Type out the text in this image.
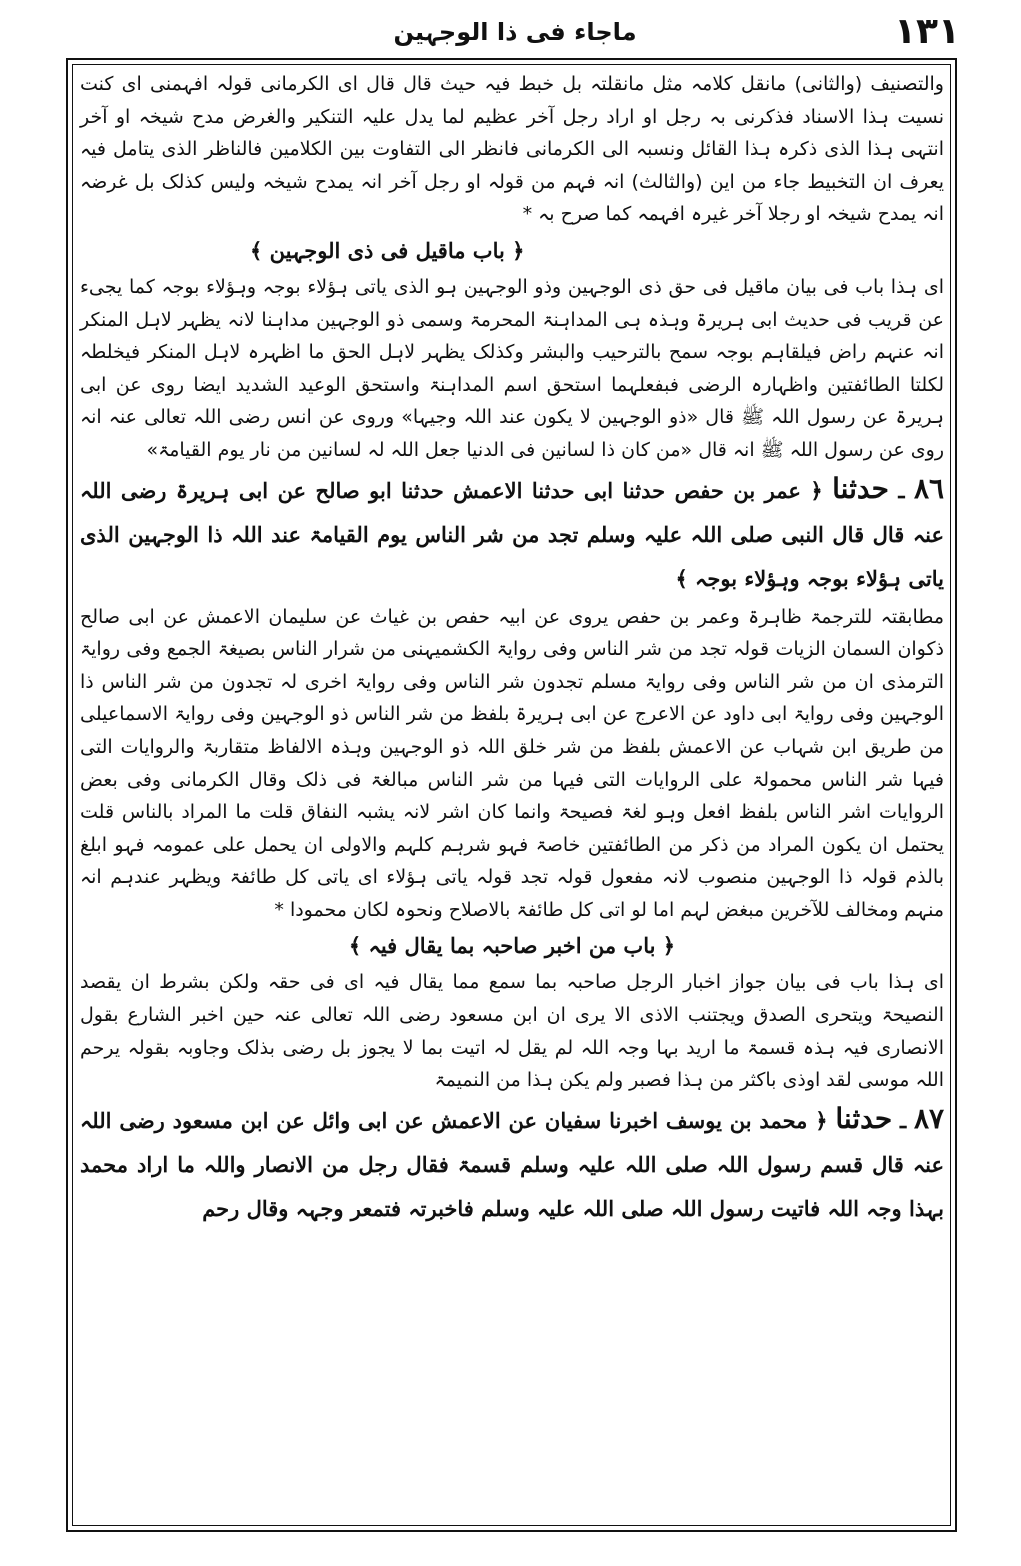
١٣١
ماجاء فی ذا الوجہین

والتصنیف (والثانی) مانقل کلامہ مثل مانقلتہ بل خبط فیہ حیث قال قال ای الکرمانی قولہ افہمنی ای کنت نسیت ہذا الاسناد فذکرنی بہ رجل او اراد رجل آخر عظیم لما یدل علیہ التنکیر والغرض مدح شیخہ او آخر انتہی ہذا الذی ذکرہ ہذا القائل ونسبہ الی الکرمانی فانظر الی التفاوت بین الکلامین فالناظر الذی یتامل فیہ یعرف ان التخبیط جاء من این (والثالث) انہ فہم من قولہ او رجل آخر انہ یمدح شیخہ ولیس کذلک بل غرضہ انہ یمدح شیخہ او رجلا آخر غیرہ افہمہ کما صرح بہ *

﴿ باب ماقیل فی ذی الوجہین ﴾

ای ہذا باب فی بیان ماقیل فی حق ذی الوجہین وذو الوجہین ہو الذی یاتی ہؤلاء بوجہ وہؤلاء بوجہ کما یجیء عن قریب فی حدیث ابی ہریرۃ وہذہ ہی المداہنۃ المحرمۃ وسمی ذو الوجہین مداہنا لانہ یظہر لاہل المنکر انہ عنہم راض فیلقاہم بوجہ سمح بالترحیب والبشر وکذلک یظہر لاہل الحق ما اظہرہ لاہل المنکر فیخلطہ لکلتا الطائفتین واظہارہ الرضی فبفعلہما استحق اسم المداہنۃ واستحق الوعید الشدید ایضا روی عن ابی ہریرۃ عن رسول اللہ ﷺ قال «ذو الوجہین لا یکون عند اللہ وجیہا» وروی عن انس رضی اللہ تعالی عنہ انہ روی عن رسول اللہ ﷺ انہ قال «من کان ذا لسانین فی الدنیا جعل اللہ لہ لسانین من نار یوم القیامۃ»

٨٦ ـ حدثنا ﴿ عمر بن حفص حدثنا ابی حدثنا الاعمش حدثنا ابو صالح عن ابی ہریرۃ رضی اللہ عنہ قال قال النبی صلی اللہ علیہ وسلم تجد من شر الناس یوم القیامۃ عند اللہ ذا الوجہین الذی یاتی ہؤلاء بوجہ وہؤلاء بوجہ ﴾

مطابقتہ للترجمۃ ظاہرۃ وعمر بن حفص یروی عن ابیہ حفص بن غیاث عن سلیمان الاعمش عن ابی صالح ذکوان السمان الزیات قولہ تجد من شر الناس وفی روایۃ الکشمیہنی من شرار الناس بصیغۃ الجمع وفی روایۃ الترمذی ان من شر الناس وفی روایۃ مسلم تجدون شر الناس وفی روایۃ اخری لہ تجدون من شر الناس ذا الوجہین وفی روایۃ ابی داود عن الاعرج عن ابی ہریرۃ بلفظ من شر الناس ذو الوجہین وفی روایۃ الاسماعیلی من طریق ابن شہاب عن الاعمش بلفظ من شر خلق اللہ ذو الوجہین وہذہ الالفاظ متقاربۃ والروایات التی فیہا شر الناس محمولۃ علی الروایات التی فیہا من شر الناس مبالغۃ فی ذلک وقال الکرمانی وفی بعض الروایات اشر الناس بلفظ افعل وہو لغۃ فصیحۃ وانما کان اشر لانہ یشبہ النفاق قلت ما المراد بالناس قلت یحتمل ان یکون المراد من ذکر من الطائفتین خاصۃ فہو شرہم کلہم والاولی ان یحمل علی عمومہ فہو ابلغ بالذم قولہ ذا الوجہین منصوب لانہ مفعول قولہ تجد قولہ یاتی ہؤلاء ای یاتی کل طائفۃ ویظہر عندہم انہ منہم ومخالف للآخرین مبغض لہم اما لو اتی کل طائفۃ بالاصلاح ونحوہ لکان محمودا *

﴿ باب من اخبر صاحبہ بما یقال فیہ ﴾

ای ہذا باب فی بیان جواز اخبار الرجل صاحبہ بما سمع مما یقال فیہ ای فی حقہ ولکن بشرط ان یقصد النصیحۃ ویتحری الصدق ویجتنب الاذی الا یری ان ابن مسعود رضی اللہ تعالی عنہ حین اخبر الشارع بقول الانصاری فیہ ہذہ قسمۃ ما ارید بہا وجہ اللہ لم یقل لہ اتیت بما لا یجوز بل رضی بذلک وجاوبہ بقولہ یرحم اللہ موسی لقد اوذی باکثر من ہذا فصبر ولم یکن ہذا من النمیمۃ

٨٧ ـ حدثنا ﴿ محمد بن یوسف اخبرنا سفیان عن الاعمش عن ابی وائل عن ابن مسعود رضی اللہ عنہ قال قسم رسول اللہ صلی اللہ علیہ وسلم قسمۃ فقال رجل من الانصار واللہ ما اراد محمد بہذا وجہ اللہ فاتیت رسول اللہ صلی اللہ علیہ وسلم فاخبرتہ فتمعر وجہہ وقال رحم
